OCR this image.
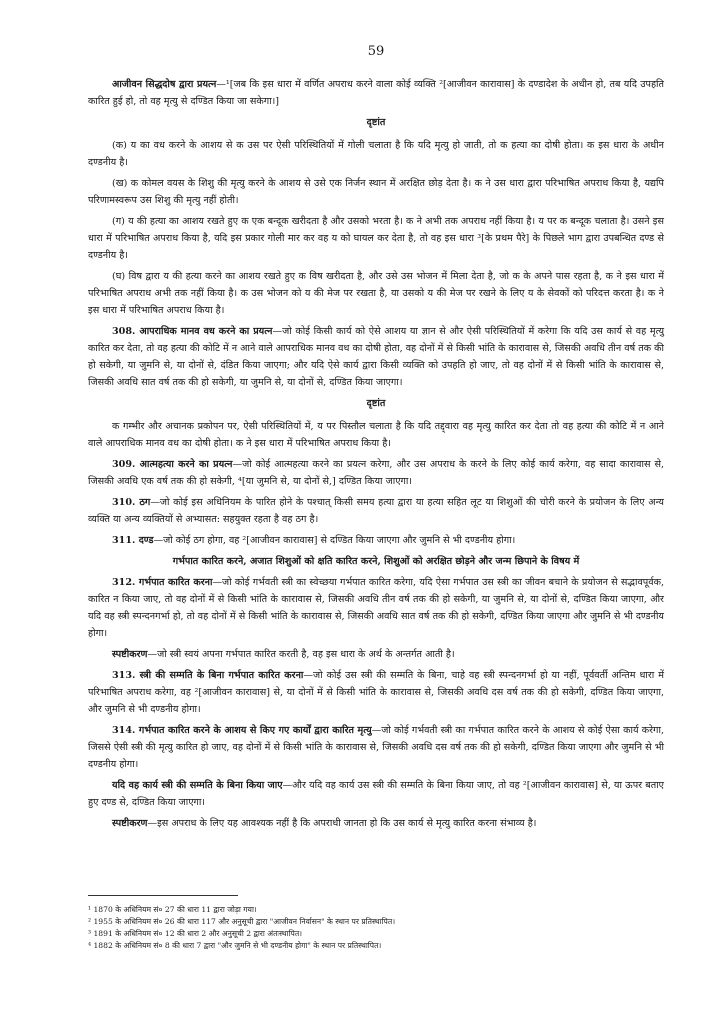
59

आजीवन सिद्धदोष द्वारा प्रयत्न—¹[जब कि इस धारा में वर्णित अपराध करने वाला कोई व्यक्ति ²[आजीवन कारावास] के दण्डादेश के अधीन हो, तब यदि उपहति कारित हुई हो, तो वह मृत्यु से दण्डित किया जा सकेगा।]

दृष्टांत

(क) य का वध करने के आशय से क उस पर ऐसी परिस्थितियों में गोली चलाता है कि यदि मृत्यु हो जाती, तो क हत्या का दोषी होता। क इस धारा के अधीन दण्डनीय है।

(ख) क कोमल वयस के शिशु की मृत्यु करने के आशय से उसे एक निर्जन स्थान में अरक्षित छोड़ देता है। क ने उस धारा द्वारा परिभाषित अपराध किया है, यद्यपि परिणामस्वरूप उस शिशु की मृत्यु नहीं होती।

(ग) य की हत्या का आशय रखते हुए क एक बन्दूक खरीदता है और उसको भरता है। क ने अभी तक अपराध नहीं किया है। य पर क बन्दूक चलाता है। उसने इस धारा में परिभाषित अपराध किया है, यदि इस प्रकार गोली मार कर वह य को घायल कर देता है, तो वह इस धारा ³[के प्रथम पैरे] के पिछले भाग द्वारा उपबन्धित दण्ड से दण्डनीय है।

(घ) विष द्वारा य की हत्या करने का आशय रखते हुए क विष खरीदता है, और उसे उस भोजन में मिला देता है, जो क के अपने पास रहता है, क ने इस धारा में परिभाषित अपराध अभी तक नहीं किया है। क उस भोजन को य की मेज पर रखता है, या उसको य की मेज पर रखने के लिए य के सेवकों को परिदत्त करता है। क ने इस धारा में परिभाषित अपराध किया है।

308. आपराधिक मानव वध करने का प्रयत्न—जो कोई किसी कार्य को ऐसे आशय या ज्ञान से और ऐसी परिस्थितियों में करेगा कि यदि उस कार्य से वह मृत्यु कारित कर देता, तो वह हत्या की कोटि में न आने वाले आपराधिक मानव वध का दोषी होता, वह दोनों में से किसी भांति के कारावास से, जिसकी अवधि तीन वर्ष तक की हो सकेगी, या जुमनि से, या दोनों से, दंडित किया जाएगा; और यदि ऐसे कार्य द्वारा किसी व्यक्ति को उपहति हो जाए, तो वह दोनों में से किसी भांति के कारावास से, जिसकी अवधि सात वर्ष तक की हो सकेगी, या जुमनि से, या दोनों से, दण्डित किया जाएगा।

दृष्टांत

क गम्भीर और अचानक प्रकोपन पर, ऐसी परिस्थितियों में, य पर पिस्तौल चलाता है कि यदि तद्द्वारा वह मृत्यु कारित कर देता तो वह हत्या की कोटि में न आने वाले आपराधिक मानव वध का दोषी होता। क ने इस धारा में परिभाषित अपराध किया है।

309. आत्महत्या करने का प्रयत्न—जो कोई आत्महत्या करने का प्रयत्न करेगा, और उस अपराध के करने के लिए कोई कार्य करेगा, वह सादा कारावास से, जिसकी अवधि एक वर्ष तक की हो सकेगी, ⁴[या जुमनि से, या दोनों से,] दण्डित किया जाएगा।

310. ठग—जो कोई इस अधिनियम के पारित होने के पश्चात् किसी समय हत्या द्वारा या हत्या सहित लूट या शिशुओं की चोरी करने के प्रयोजन के लिए अन्य व्यक्ति या अन्य व्यक्तियों से अभ्यासत: सहयुक्त रहता है वह ठग है।

311. दण्ड—जो कोई ठग होगा, वह ²[आजीवन कारावास] से दण्डित किया जाएगा और जुमनि से भी दण्डनीय होगा।

गर्भपात कारित करने, अजात शिशुओं को क्षति कारित करने, शिशुओं को अरक्षित छोड़ने और जन्म छिपाने के विषय में

312. गर्भपात कारित करना—जो कोई गर्भवती स्त्री का स्वेच्छया गर्भपात कारित करेगा, यदि ऐसा गर्भपात उस स्त्री का जीवन बचाने के प्रयोजन से सद्भावपूर्वक, कारित न किया जाए, तो वह दोनों में से किसी भांति के कारावास से, जिसकी अवधि तीन वर्ष तक की हो सकेगी, या जुमनि से, या दोनों से, दण्डित किया जाएगा, और यदि वह स्त्री स्पन्दनगर्भा हो, तो वह दोनों में से किसी भांति के कारावास से, जिसकी अवधि सात वर्ष तक की हो सकेगी, दण्डित किया जाएगा और जुमनि से भी दण्डनीय होगा।

स्पष्टीकरण—जो स्त्री स्वयं अपना गर्भपात कारित करती है, वह इस धारा के अर्थ के अन्तर्गत आती है।

313. स्त्री की सम्मति के बिना गर्भपात कारित करना—जो कोई उस स्त्री की सम्मति के बिना, चाहे वह स्त्री स्पन्दनगर्भा हो या नहीं, पूर्ववर्ती अन्तिम धारा में परिभाषित अपराध करेगा, वह ²[आजीवन कारावास] से, या दोनों में से किसी भांति के कारावास से, जिसकी अवधि दस वर्ष तक की हो सकेगी, दण्डित किया जाएगा, और जुमनि से भी दण्डनीय होगा।

314. गर्भपात कारित करने के आशय से किए गए कार्यों द्वारा कारित मृत्यु—जो कोई गर्भवती स्त्री का गर्भपात कारित करने के आशय से कोई ऐसा कार्य करेगा, जिससे ऐसी स्त्री की मृत्यु कारित हो जाए, वह दोनों में से किसी भांति के कारावास से, जिसकी अवधि दस वर्ष तक की हो सकेगी, दण्डित किया जाएगा और जुमनि से भी दण्डनीय होगा।

यदि वह कार्य स्त्री की सम्मति के बिना किया जाए—और यदि वह कार्य उस स्त्री की सम्मति के बिना किया जाए, तो वह ²[आजीवन कारावास] से, या ऊपर बताए हुए दण्ड से, दण्डित किया जाएगा।

स्पष्टीकरण—इस अपराध के लिए यह आवश्यक नहीं है कि अपराधी जानता हो कि उस कार्य से मृत्यु कारित करना संभाव्य है।

¹ 1870 के अधिनियम सं० 27 की धारा 11 द्वारा जोड़ा गया।

² 1955 के अधिनियम सं० 26 की धारा 117 और अनुसूची द्वारा "आजीवन निर्वासन" के स्थान पर प्रतिस्थापित।

³ 1891 के अधिनियम सं० 12 की धारा 2 और अनुसूची 2 द्वारा अंतःस्थापित।

⁴ 1882 के अधिनियम सं० 8 की धारा 7 द्वारा "और जुमनि से भी दण्डनीय होगा" के स्थान पर प्रतिस्थापित।
